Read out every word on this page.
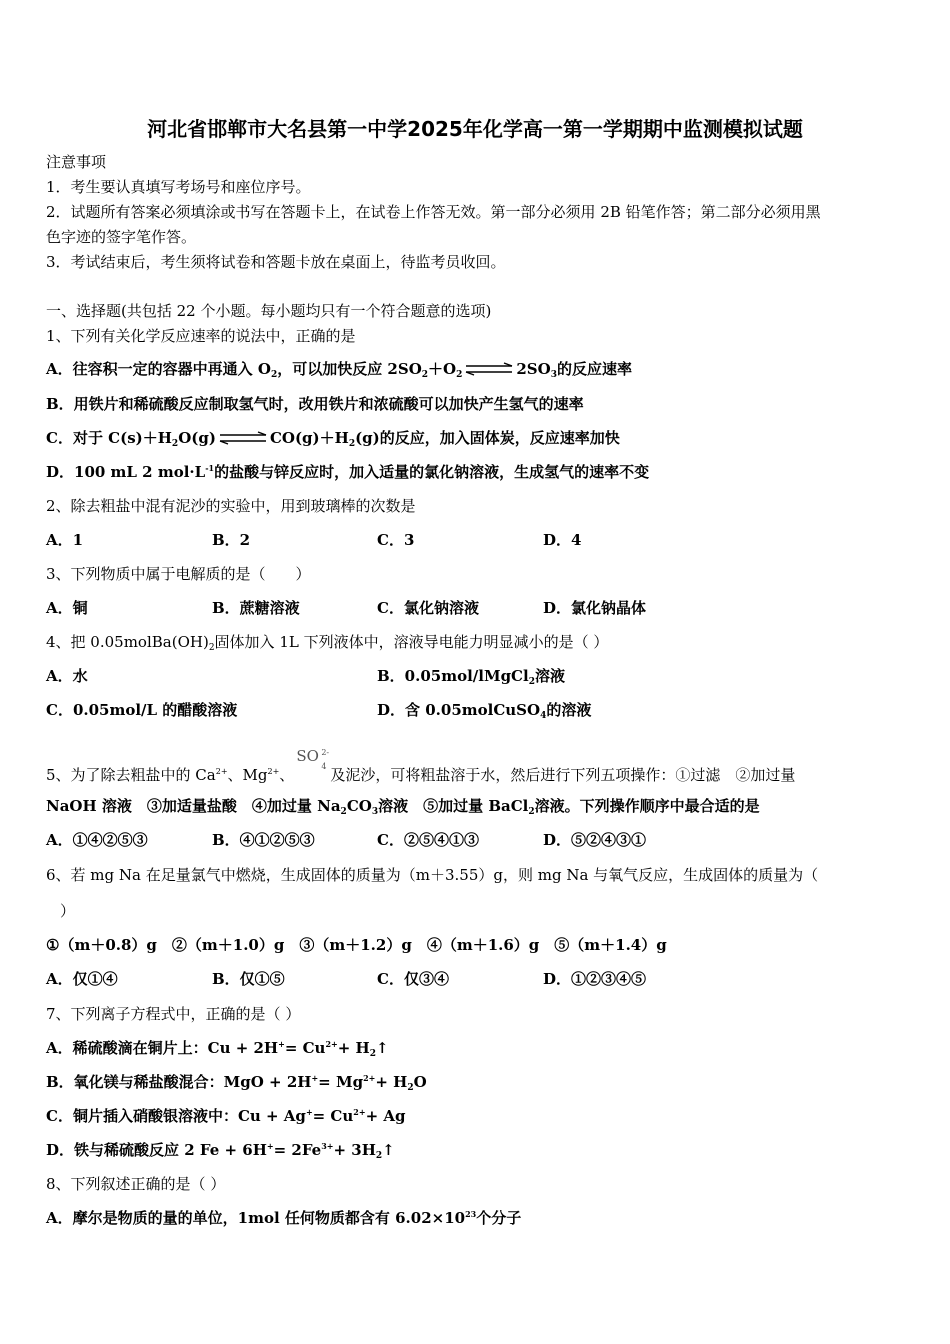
河北省邯郸市大名县第一中学2025年化学高一第一学期期中监测模拟试题
注意事项
1．考生要认真填写考场号和座位序号。
2．试题所有答案必须填涂或书写在答题卡上，在试卷上作答无效。第一部分必须用 2B 铅笔作答；第二部分必须用黑
色字迹的签字笔作答。
3．考试结束后，考生须将试卷和答题卡放在桌面上，待监考员收回。
一、选择题(共包括 22 个小题。每小题均只有一个符合题意的选项)
1、下列有关化学反应速率的说法中，正确的是
A．往容积一定的容器中再通入 $O_2$，可以加快反应 $2SO_2+O_2$ ⇌ $2SO_3$的反应速率
B．用铁片和稀硫酸反应制取氢气时，改用铁片和浓硫酸可以加快产生氢气的速率
C．对于 $C(s)+H_2O(g)$ ⇌ $CO(g)+H_2(g)$的反应，加入固体炭，反应速率加快
D．100 mL 2 $mol\cdot L^{-1}$的盐酸与锌反应时，加入适量的氯化钠溶液，生成氢气的速率不变
2、除去粗盐中混有泥沙的实验中，用到玻璃棒的次数是
A．1	B．2	C．3	D．4
3、下列物质中属于电解质的是（　　）
A．铜	B．蔗糖溶液	C．氯化钠溶液	D．氯化钠晶体
4、把 $0.05molBa(OH)_2$固体加入 1L 下列液体中，溶液导电能力明显减小的是（ ）
A．水	B．0.05mol/lMgCl$_2$溶液
C．0.05mol/L 的醋酸溶液	D．含 0.05molCuSO$_4$的溶液
5、为了除去粗盐中的 $Ca^{2+}$、$Mg^{2+}$、
SO 2-
4 及泥沙，可将粗盐溶于水，然后进行下列五项操作：①过滤　②加过量
NaOH 溶液　③加适量盐酸　④加过量 $Na_2CO_3$溶液　⑤加过量 BaCl$_2$溶液。下列操作顺序中最合适的是
A．①④②⑤③	B．④①②⑤③	C．②⑤④①③	D．⑤②④③①
6、若 mg Na 在足量氯气中燃烧，生成固体的质量为（m＋3.55）g，则 mg Na 与氧气反应，生成固体的质量为（
）
①（m＋0.8）g　②（m＋1.0）g　③（m＋1.2）g　④（m＋1.6）g　⑤（m＋1.4）g
A．仅①④	B．仅①⑤	C．仅③④	D．①②③④⑤
7、下列离子方程式中，正确的是（ ）
A．稀硫酸滴在铜片上：$Cu + 2H^+= Cu^{2+}+$ $H_2↑$
B．氧化镁与稀盐酸混合：MgO + $2H^+= Mg^{2+}+ H_2O$
C．铜片插入硝酸银溶液中：$Cu + Ag^+= Cu^{2+}+ Ag$
D．铁与稀硫酸反应 2 $Fe + 6H^+= 2Fe^{3+}+$ $3H_2↑$
8、下列叙述正确的是（ ）
A．摩尔是物质的量的单位，1mol 任何物质都含有 $6.02\times 10^{23}$个分子
